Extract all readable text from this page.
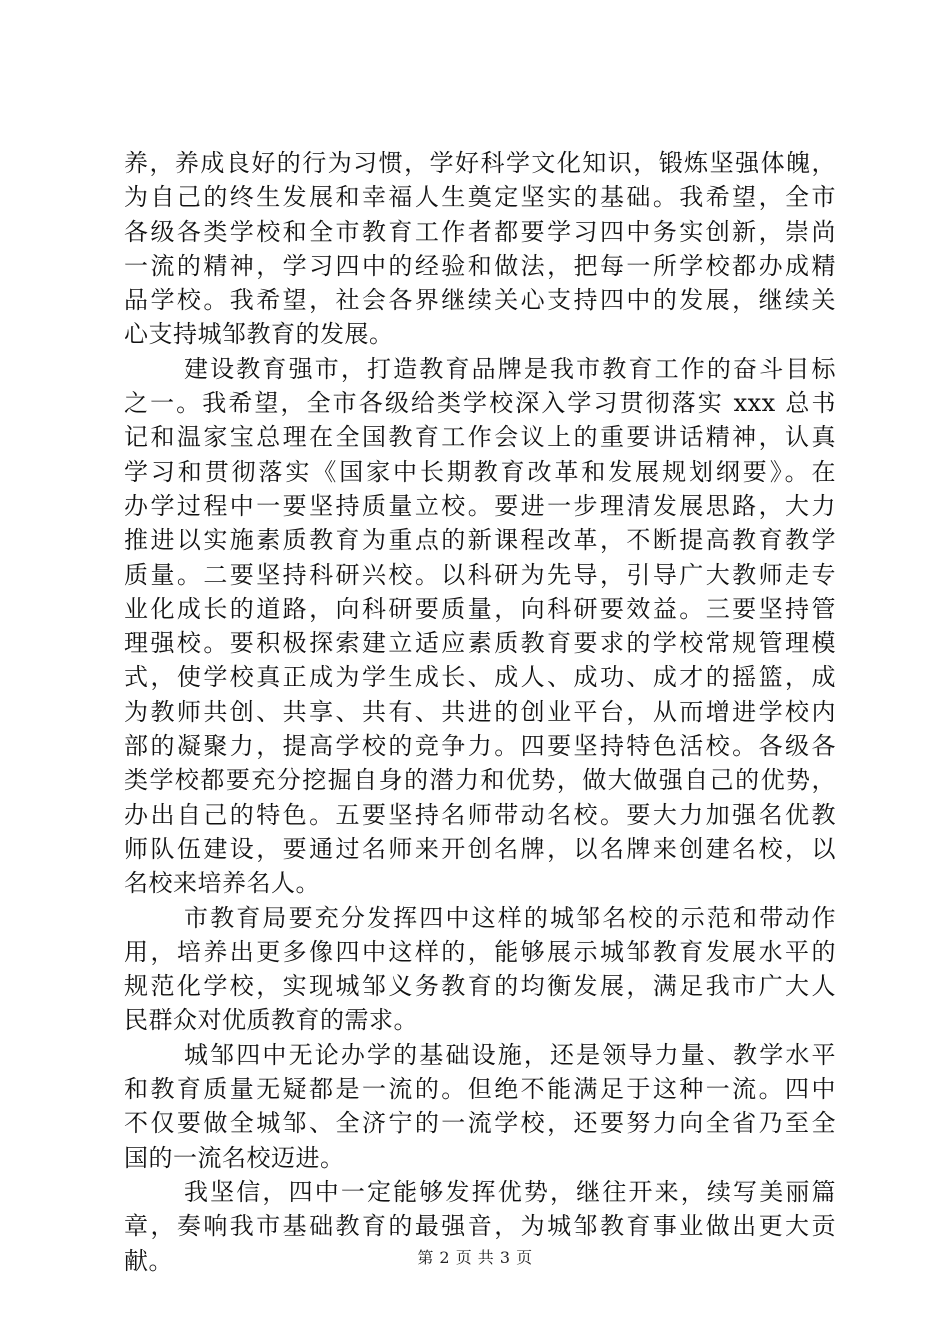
养，养成良好的行为习惯，学好科学文化知识，锻炼坚强体魄，
为自己的终生发展和幸福人生奠定坚实的基础。我希望，全市
各级各类学校和全市教育工作者都要学习四中务实创新，崇尚
一流的精神，学习四中的经验和做法，把每一所学校都办成精
品学校。我希望，社会各界继续关心支持四中的发展，继续关
心支持城邹教育的发展。
建设教育强市，打造教育品牌是我市教育工作的奋斗目标
之一。我希望，全市各级给类学校深入学习贯彻落实 xxx 总书
记和温家宝总理在全国教育工作会议上的重要讲话精神，认真
学习和贯彻落实《国家中长期教育改革和发展规划纲要》。在
办学过程中一要坚持质量立校。要进一步理清发展思路，大力
推进以实施素质教育为重点的新课程改革，不断提高教育教学
质量。二要坚持科研兴校。以科研为先导，引导广大教师走专
业化成长的道路，向科研要质量，向科研要效益。三要坚持管
理强校。要积极探索建立适应素质教育要求的学校常规管理模
式，使学校真正成为学生成长、成人、成功、成才的摇篮，成
为教师共创、共享、共有、共进的创业平台，从而增进学校内
部的凝聚力，提高学校的竞争力。四要坚持特色活校。各级各
类学校都要充分挖掘自身的潜力和优势，做大做强自己的优势，
办出自己的特色。五要坚持名师带动名校。要大力加强名优教
师队伍建设，要通过名师来开创名牌，以名牌来创建名校，以
名校来培养名人。
市教育局要充分发挥四中这样的城邹名校的示范和带动作
用，培养出更多像四中这样的，能够展示城邹教育发展水平的
规范化学校，实现城邹义务教育的均衡发展，满足我市广大人
民群众对优质教育的需求。
城邹四中无论办学的基础设施，还是领导力量、教学水平
和教育质量无疑都是一流的。但绝不能满足于这种一流。四中
不仅要做全城邹、全济宁的一流学校，还要努力向全省乃至全
国的一流名校迈进。
我坚信，四中一定能够发挥优势，继往开来，续写美丽篇
章，奏响我市基础教育的最强音，为城邹教育事业做出更大贡
献。	第 2 页 共 3 页
